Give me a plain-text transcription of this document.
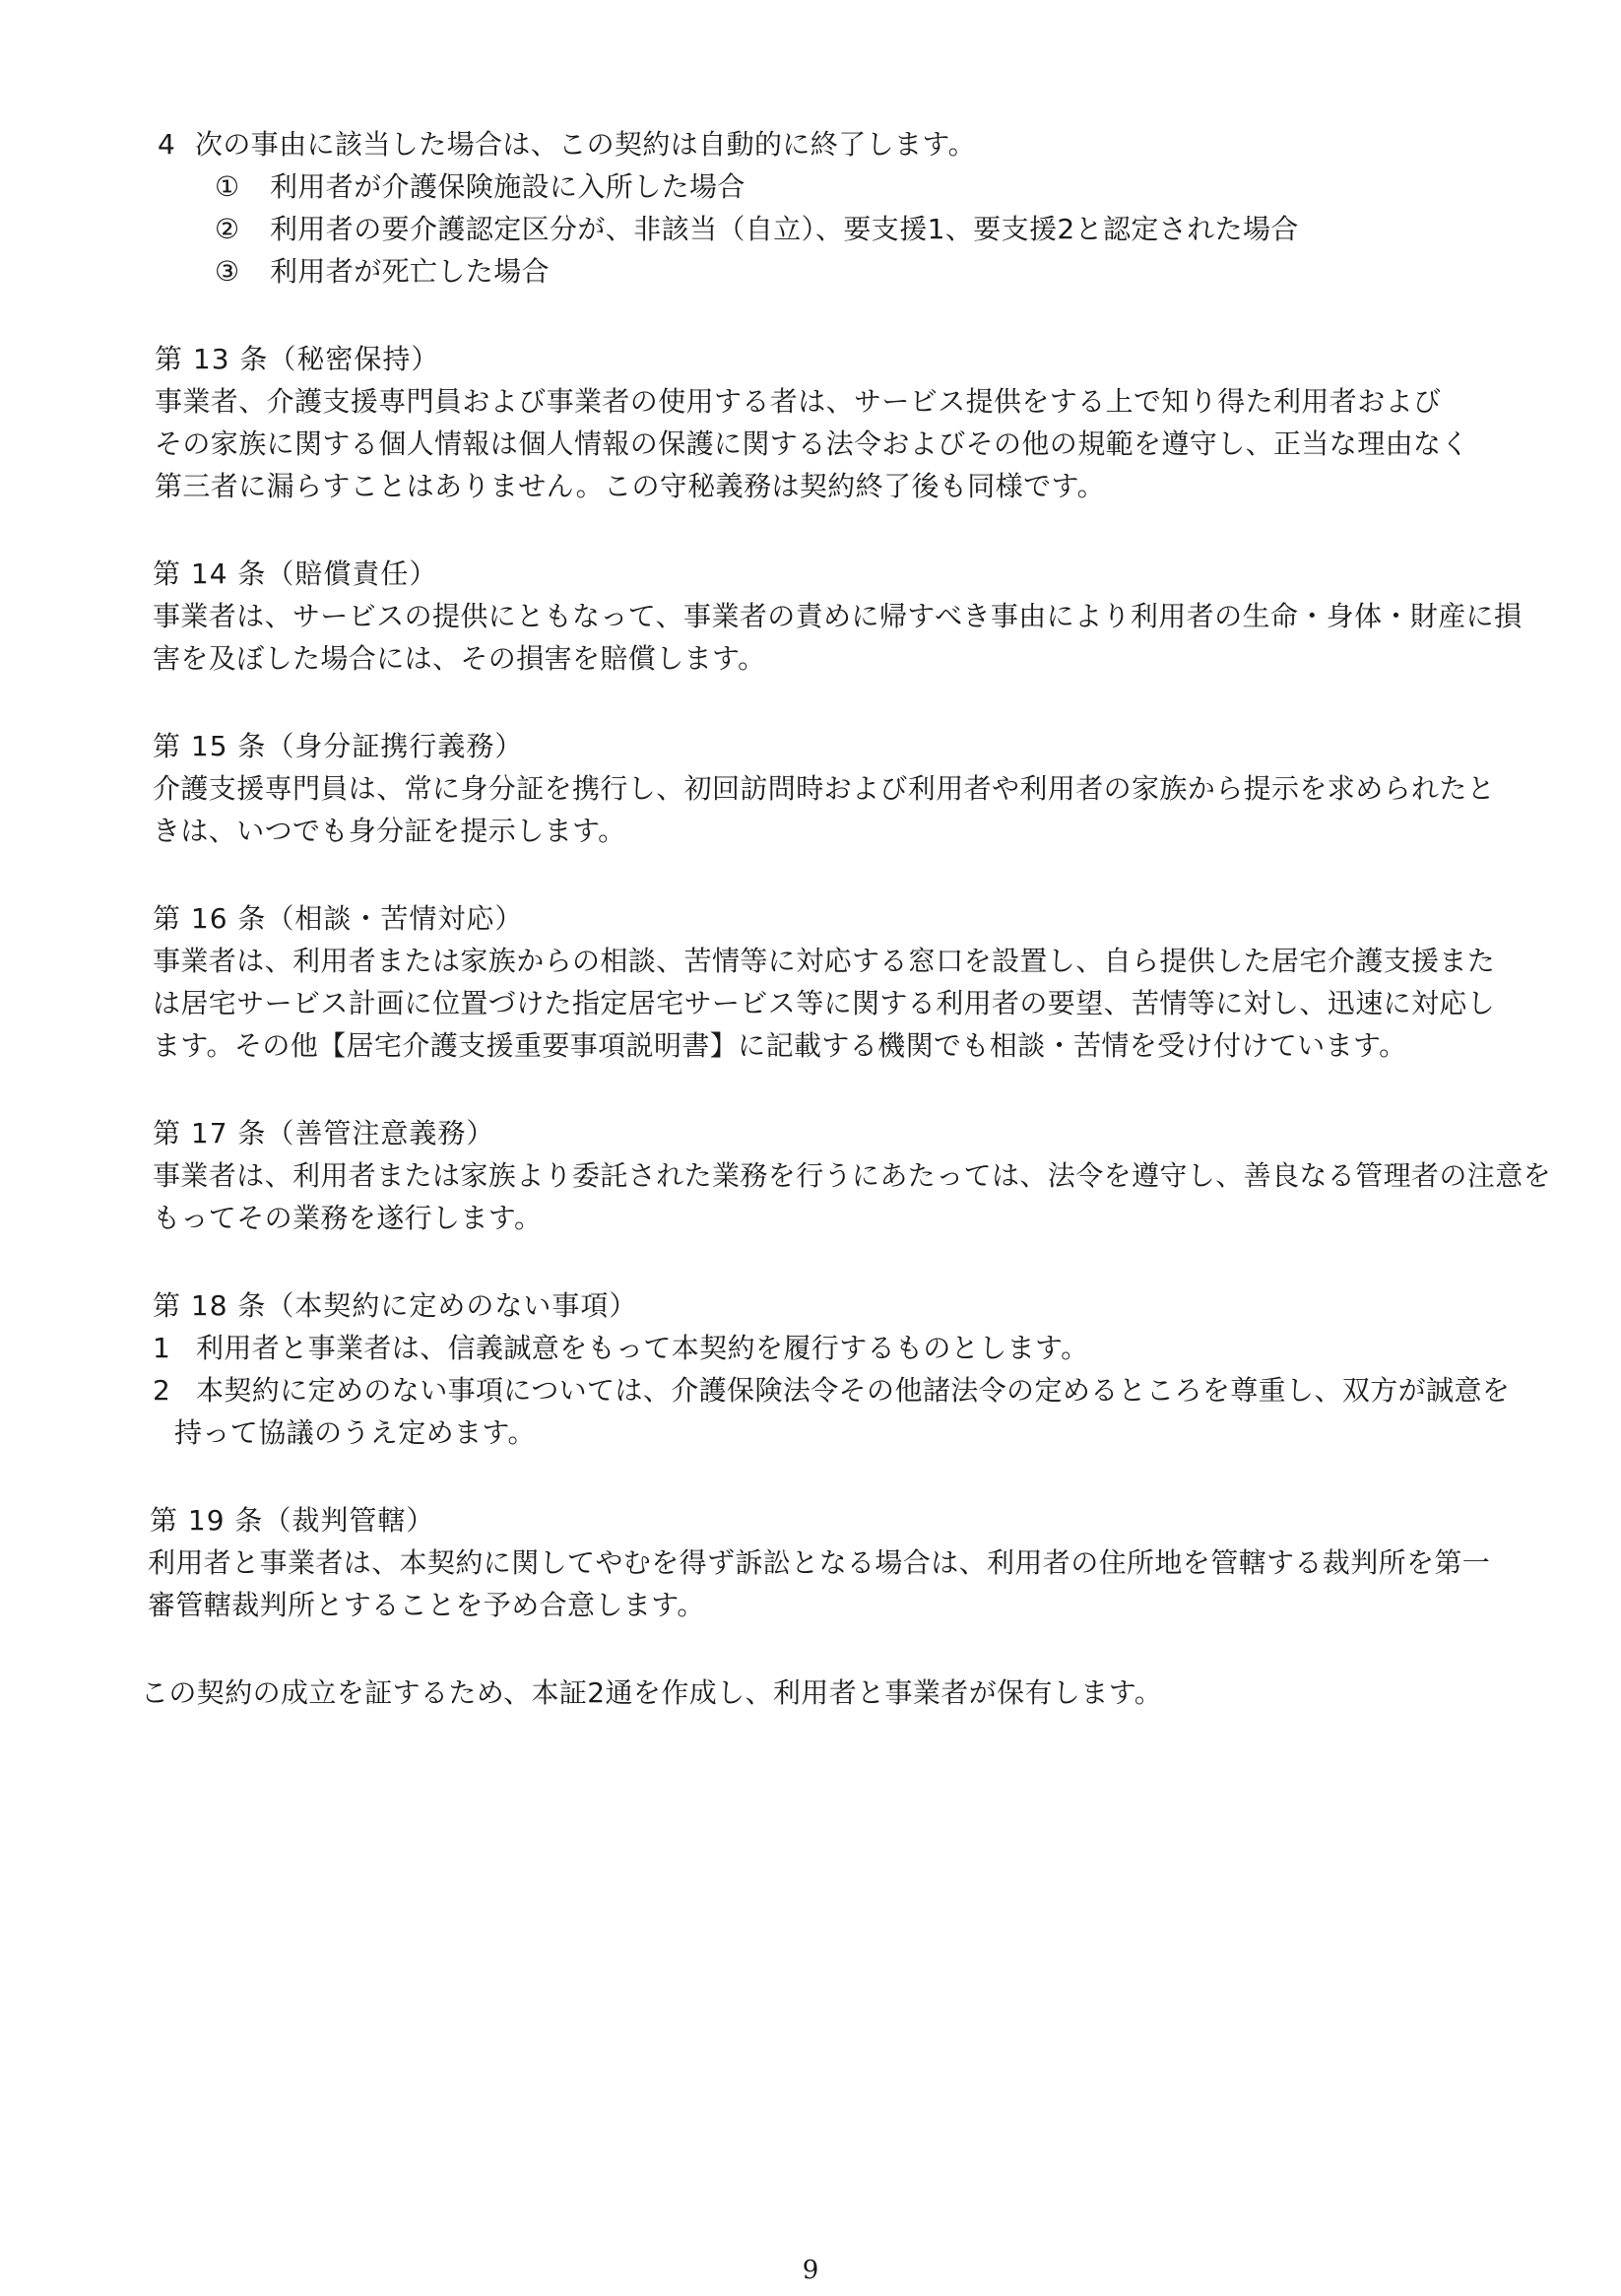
4 次の事由に該当した場合は、この契約は自動的に終了します。
① 利用者が介護保険施設に入所した場合
② 利用者の要介護認定区分が、非該当（自立）、要支援1、要支援2と認定された場合
③ 利用者が死亡した場合
第 13 条（秘密保持）
事業者、介護支援専門員および事業者の使用する者は、サービス提供をする上で知り得た利用者および
その家族に関する個人情報は個人情報の保護に関する法令およびその他の規範を遵守し、正当な理由なく
第三者に漏らすことはありません。この守秘義務は契約終了後も同様です。
第 14 条（賠償責任）
事業者は、サービスの提供にともなって、事業者の責めに帰すべき事由により利用者の生命・身体・財産に損
害を及ぼした場合には、その損害を賠償します。
第 15 条（身分証携行義務）
介護支援専門員は、常に身分証を携行し、初回訪問時および利用者や利用者の家族から提示を求められたと
きは、いつでも身分証を提示します。
第 16 条（相談・苦情対応）
事業者は、利用者または家族からの相談、苦情等に対応する窓口を設置し、自ら提供した居宅介護支援また
は居宅サービス計画に位置づけた指定居宅サービス等に関する利用者の要望、苦情等に対し、迅速に対応し
ます。その他【居宅介護支援重要事項説明書】に記載する機関でも相談・苦情を受け付けています。
第 17 条（善管注意義務）
事業者は、利用者または家族より委託された業務を行うにあたっては、法令を遵守し、善良なる管理者の注意を
もってその業務を遂行します。
第 18 条（本契約に定めのない事項）
1 利用者と事業者は、信義誠意をもって本契約を履行するものとします。
2 本契約に定めのない事項については、介護保険法令その他諸法令の定めるところを尊重し、双方が誠意を
持って協議のうえ定めます。
第 19 条（裁判管轄）
利用者と事業者は、本契約に関してやむを得ず訴訟となる場合は、利用者の住所地を管轄する裁判所を第一
審管轄裁判所とすることを予め合意します。
この契約の成立を証するため、本証2通を作成し、利用者と事業者が保有します。
9
